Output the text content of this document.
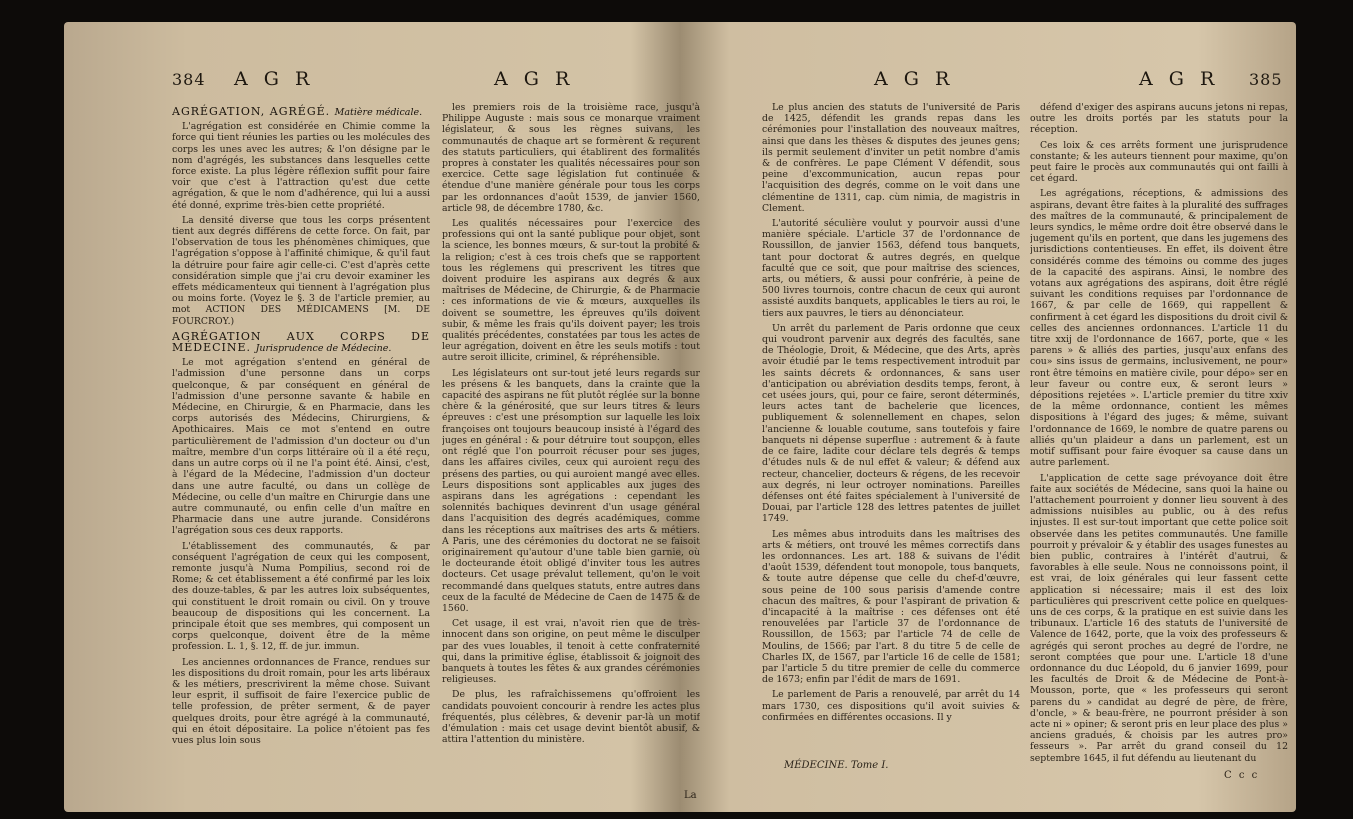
384 A G R	A G R
AGRÉGATION, AGRÉGÉ. Matière médicale.

L'agrégation est considérée en Chimie comme la force qui tient réunies les parties ou les molécules des corps les unes avec les autres; & l'on désigne par le nom d'agrégés, les substances dans lesquelles cette force existe. La plus légère réflexion suffit pour faire voir que c'est à l'attraction qu'est due cette agrégation, & que le nom d'adhérence, qui lui a aussi été donné, exprime très-bien cette propriété.

La densité diverse que tous les corps présentent tient aux degrés différens de cette force. On fait, par l'observation de tous les phénomènes chimiques, que l'agrégation s'oppose à l'affinité chimique, & qu'il faut la détruire pour faire agir celle-ci. C'est d'après cette considération simple que j'ai cru devoir examiner les effets médicamenteux qui tiennent à l'agrégation plus ou moins forte. (Voyez le §. 3 de l'article premier, au mot ACTION DES MÉDICAMENS [M. DE FOURCROY.)

AGRÉGATION AUX CORPS DE MÉDECINE. Jurisprudence de Médecine.

Le mot agrégation s'entend en général de l'admission d'une personne dans un corps quelconque, & par conséquent en général de l'admission d'une personne savante & habile en Médecine, en Chirurgie, & en Pharmacie, dans les corps autorisés des Médecins, Chirurgiens, & Apothicaires. Mais ce mot s'entend en outre particulièrement de l'admission d'un docteur ou d'un maître, membre d'un corps littéraire où il a été reçu, dans un autre corps où il ne l'a point été. Ainsi, c'est, à l'égard de la Médecine, l'admission d'un docteur dans une autre faculté, ou dans un collège de Médecine, ou celle d'un maître en Chirurgie dans une autre communauté, ou enfin celle d'un maître en Pharmacie dans une autre jurande. Considérons l'agrégation sous ces deux rapports.

L'établissement des communautés, & par conséquent l'agrégation de ceux qui les composent, remonte jusqu'à Numa Pompilius, second roi de Rome; & cet établissement a été confirmé par les loix des douze-tables, & par les autres loix subséquentes, qui constituent le droit romain ou civil. On y trouve beaucoup de dispositions qui les concernent. La principale étoit que ses membres, qui composent un corps quelconque, doivent être de la même profession. L. 1, §. 12, ff. de jur. immun.

Les anciennes ordonnances de France, rendues sur les dispositions du droit romain, pour les arts libéraux & les métiers, prescrivirent la même chose. Suivant leur esprit, il suffisoit de faire l'exercice public de telle profession, de prêter serment, & de payer quelques droits, pour être agrégé à la communauté, qui en étoit dépositaire. La police n'étoient pas fes vues plus loin sous

les premiers rois de la troisième race, jusqu'à Philippe Auguste : mais sous ce monarque vraiment législateur, & sous les règnes suivans, les communautés de chaque art se formèrent & reçurent des statuts particuliers, qui établirent des formalités propres à constater les qualités nécessaires pour son exercice. Cette sage législation fut continuée & étendue d'une manière générale pour tous les corps par les ordonnances d'août 1539, de janvier 1560, article 98, de décembre 1780, &c.

Les qualités nécessaires pour l'exercice des professions qui ont la santé publique pour objet, sont la science, les bonnes mœurs, & sur-tout la probité & la religion; c'est à ces trois chefs que se rapportent tous les réglemens qui prescrivent les titres que doivent produire les aspirans aux degrés & aux maîtrises de Médecine, de Chirurgie, & de Pharmacie : ces informations de vie & mœurs, auxquelles ils doivent se soumettre, les épreuves qu'ils doivent subir, & même les frais qu'ils doivent payer; les trois qualités précédentes, constatées par tous les actes de leur agrégation, doivent en être les seuls motifs : tout autre seroit illicite, criminel, & répréhensible.

Les législateurs ont sur-tout jeté leurs regards sur les présens & les banquets, dans la crainte que la capacité des aspirans ne fût plutôt réglée sur la bonne chère & la générosité, que sur leurs titres & leurs épreuves : c'est une présomption sur laquelle les loix françoises ont toujours beaucoup insisté à l'égard des juges en général : & pour détruire tout soupçon, elles ont réglé que l'on pourroit récuser pour ses juges, dans les affaires civiles, ceux qui auroient reçu des présens des parties, ou qui auroient mangé avec elles. Leurs dispositions sont applicables aux juges des aspirans dans les agrégations : cependant les solennités bachiques devinrent d'un usage général dans l'acquisition des degrés académiques, comme dans les réceptions aux maîtrises des arts & métiers. A Paris, une des cérémonies du doctorat ne se faisoit originairement qu'autour d'une table bien garnie, où le docteurande étoit obligé d'inviter tous les autres docteurs. Cet usage prévalut tellement, qu'on le voit recommandé dans quelques statuts, entre autres dans ceux de la faculté de Médecine de Caen de 1475 & de 1560.

Cet usage, il est vrai, n'avoit rien que de très-innocent dans son origine, on peut même le disculper par des vues louables, il tenoit à cette confraternité qui, dans la primitive église, établissoit & joignoit des banquets à toutes les fêtes & aux grandes cérémonies religieuses.

De plus, les rafraîchissemens qu'offroient les candidats pouvoient concourir à rendre les actes plus fréquentés, plus célèbres, & devenir par-là un motif d'émulation : mais cet usage devint bientôt abusif, & attira l'attention du ministère.

La
A G R	A G R 385

Le plus ancien des statuts de l'université de Paris de 1425, défendit les grands repas dans les cérémonies pour l'installation des nouveaux maîtres, ainsi que dans les thèses & disputes des jeunes gens; ils permit seulement d'inviter un petit nombre d'amis & de confrères. Le pape Clément V défendit, sous peine d'excommunication, aucun repas pour l'acquisition des degrés, comme on le voit dans une clémentine de 1311, cap. cùm nimia, de magistris in Clement.

L'autorité séculière voulut y pourvoir aussi d'une manière spéciale. L'article 37 de l'ordonnance de Roussillon, de janvier 1563, défend tous banquets, tant pour doctorat & autres degrés, en quelque faculté que ce soit, que pour maîtrise des sciences, arts, ou métiers, & aussi pour confrérie, à peine de 500 livres tournois, contre chacun de ceux qui auront assisté auxdits banquets, applicables le tiers au roi, le tiers aux pauvres, le tiers au dénonciateur.

Un arrêt du parlement de Paris ordonne que ceux qui voudront parvenir aux degrés des facultés, sane de Théologie, Droit, & Médecine, que des Arts, après avoir étudié par le tems respectivement introduit par les saints décrets & ordonnances, & sans user d'anticipation ou abréviation desdits temps, feront, à cet usées jours, qui, pour ce faire, seront déterminés, leurs actes tant de bachelerie que licences, publiquement & solennellement en chapes, selon l'ancienne & louable coutume, sans toutefois y faire banquets ni dépense superflue : autrement & à faute de ce faire, ladite cour déclare tels degrés & temps d'études nuls & de nul effet & valeur; & défend aux recteur, chancelier, docteurs & régens, de les recevoir aux degrés, ni leur octroyer nominations. Pareilles défenses ont été faites spécialement à l'université de Douai, par l'article 128 des lettres patentes de juillet 1749.

Les mêmes abus introduits dans les maîtrises des arts & métiers, ont trouvé les mêmes correctifs dans les ordonnances. Les art. 188 & suivans de l'édit d'août 1539, défendent tout monopole, tous banquets, & toute autre dépense que celle du chef-d'œuvre, sous peine de 100 sous parisis d'amende contre chacun des maîtres, & pour l'aspirant de privation & d'incapacité à la maîtrise : ces défenses ont été renouvelées par l'article 37 de l'ordonnance de Roussillon, de 1563; par l'article 74 de celle de Moulins, de 1566; par l'art. 8 du titre 5 de celle de Charles IX, de 1567, par l'article 16 de celle de 1581; par l'article 5 du titre premier de celle du commerce de 1673; enfin par l'édit de mars de 1691.

Le parlement de Paris a renouvelé, par arrêt du 14 mars 1730, ces dispositions qu'il avoit suivies & confirmées en différentes occasions. Il y

défend d'exiger des aspirans aucuns jetons ni repas, outre les droits portés par les statuts pour la réception.

Ces loix & ces arrêts forment une jurisprudence constante; & les auteurs tiennent pour maxime, qu'on peut faire le procès aux communautés qui ont failli à cet égard.

Les agrégations, réceptions, & admissions des aspirans, devant être faites à la pluralité des suffrages des maîtres de la communauté, & principalement de leurs syndics, le même ordre doit être observé dans le jugement qu'ils en portent, que dans les jugemens des jurisdictions contentieuses. En effet, ils doivent être considérés comme des témoins ou comme des juges de la capacité des aspirans. Ainsi, le nombre des votans aux agrégations des aspirans, doit être réglé suivant les conditions requises par l'ordonnance de 1667, & par celle de 1669, qui rappellent & confirment à cet égard les dispositions du droit civil & celles des anciennes ordonnances. L'article 11 du titre xxij de l'ordonnance de 1667, porte, que « les parens » & alliés des parties, jusqu'aux enfans des cou» sins issus de germains, inclusivement, ne pour» ront être témoins en matière civile, pour dépo» ser en leur faveur ou contre eux, & seront leurs » dépositions rejetées ». L'article premier du titre xxiv de la même ordonnance, contient les mêmes dispositions à l'égard des juges; & même, suivant l'ordonnance de 1669, le nombre de quatre parens ou alliés qu'un plaideur a dans un parlement, est un motif suffisant pour faire évoquer sa cause dans un autre parlement.

L'application de cette sage prévoyance doit être faite aux sociétés de Médecine, sans quoi la haine ou l'attachement pourroient y donner lieu souvent à des admissions nuisibles au public, ou à des refus injustes. Il est sur-tout important que cette police soit observée dans les petites communautés. Une famille pourroit y prévaloir & y établir des usages funestes au bien public, contraires à l'intérêt d'autrui, & favorables à elle seule. Nous ne connoissons point, il est vrai, de loix générales qui leur fassent cette application si nécessaire; mais il est des loix particulières qui prescrivent cette police en quelques-uns de ces corps, & la pratique en est suivie dans les tribunaux. L'article 16 des statuts de l'université de Valence de 1642, porte, que la voix des professeurs & agrégés qui seront proches au degré de l'ordre, ne seront comptées que pour une. L'article 18 d'une ordonnance du duc Léopold, du 6 janvier 1699, pour les facultés de Droit & de Médecine de Pont-à-Mousson, porte, que « les professeurs qui seront parens du » candidat au degré de père, de frère, d'oncle, » & beau-frère, ne pourront présider à son acte ni » opiner; & seront pris en leur place des plus » anciens gradués, & choisis par les autres pro» fesseurs ». Par arrêt du grand conseil du 12 septembre 1645, il fut défendu au lieutenant du

MÉDECINE. Tome I.
C c c
